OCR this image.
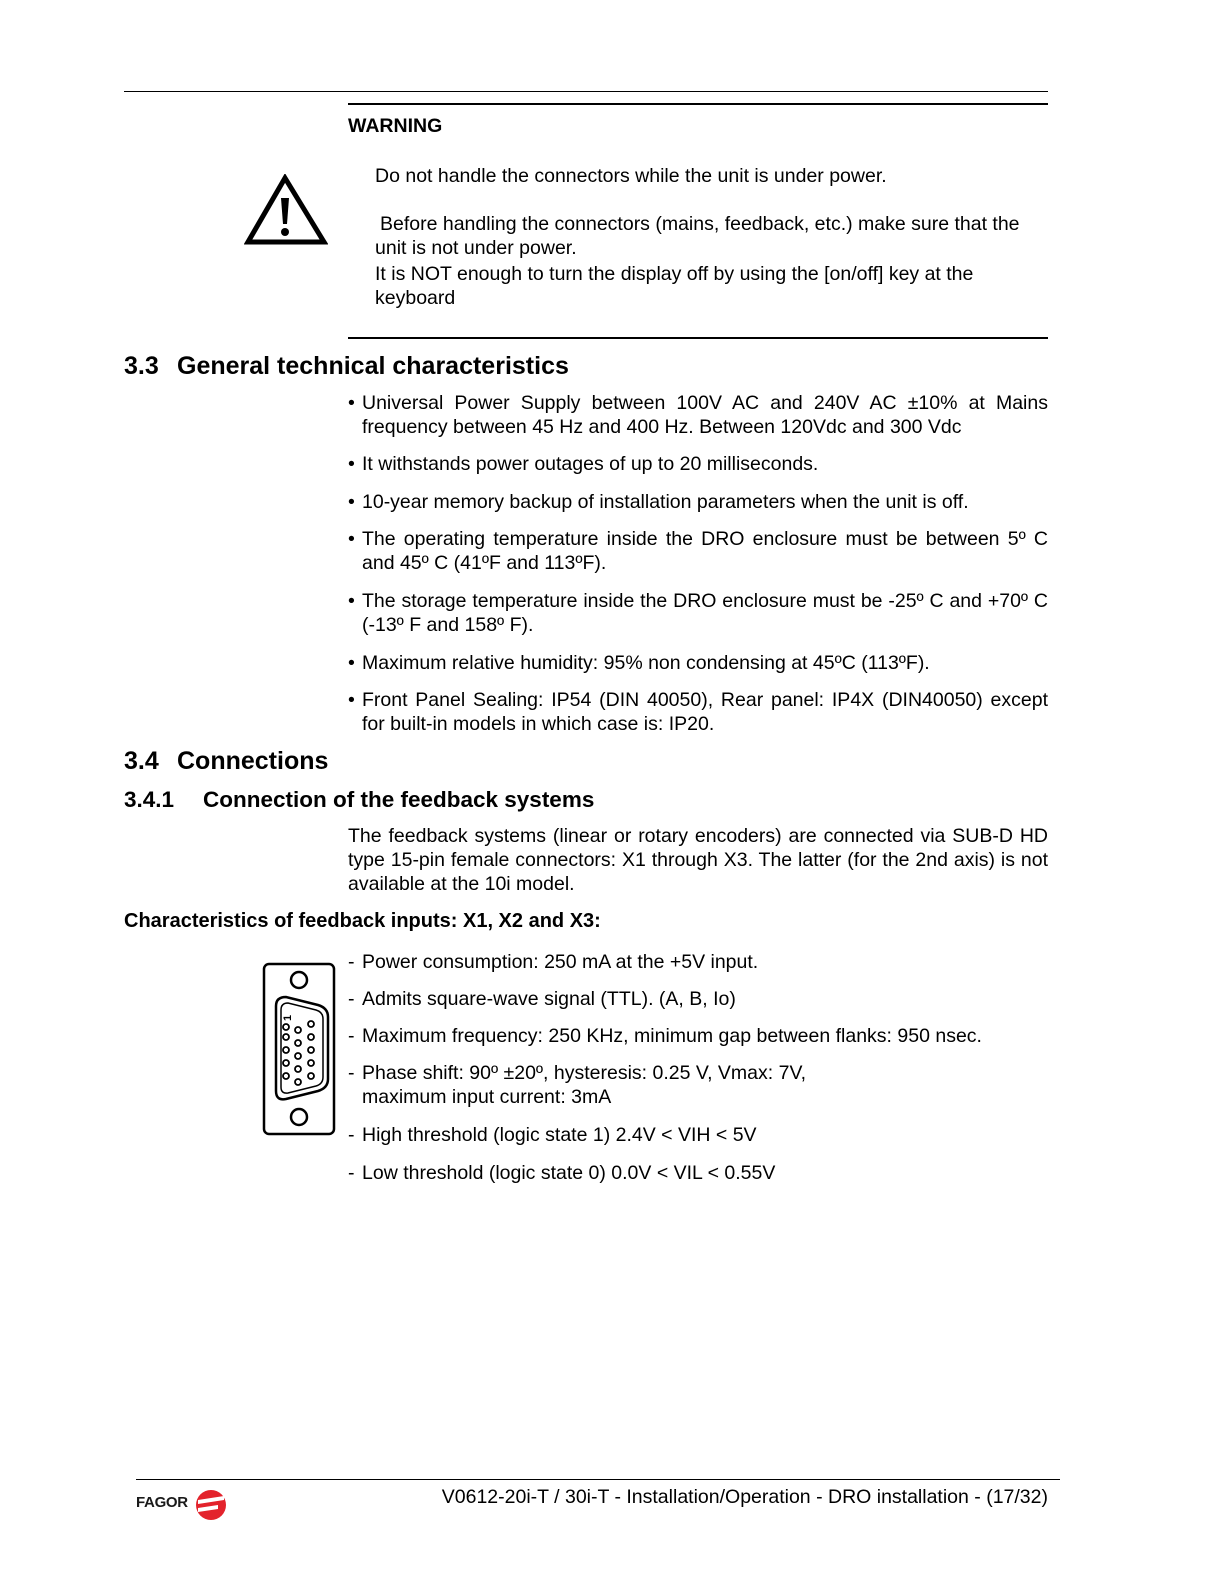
WARNING
Do not handle the connectors while the unit is under power.
Before handling the connectors (mains, feedback, etc.) make sure that the unit is not under power.
It is NOT enough to turn the display off by using the [on/off] key at the keyboard
3.3 General technical characteristics
• Universal Power Supply between 100V AC and 240V AC ±10% at Mains frequency between 45 Hz and 400 Hz. Between 120Vdc and 300 Vdc
• It withstands power outages of up to 20 milliseconds.
• 10-year memory backup of installation parameters when the unit is off.
• The operating temperature inside the DRO enclosure must be between 5º C and 45º C (41ºF and 113ºF).
• The storage temperature inside the DRO enclosure must be -25º C and +70º C (-13º F and 158º F).
• Maximum relative humidity: 95% non condensing at 45ºC (113ºF).
• Front Panel Sealing: IP54 (DIN 40050), Rear panel: IP4X (DIN40050) except for built-in models in which case is: IP20.
3.4 Connections
3.4.1 Connection of the feedback systems
The feedback systems (linear or rotary encoders) are connected via SUB-D HD type 15-pin female connectors: X1 through X3. The latter (for the 2nd axis) is not available at the 10i model.
Characteristics of feedback inputs: X1, X2 and X3:
1
- Power consumption: 250 mA at the +5V input.
- Admits square-wave signal (TTL). (A, B, Io)
- Maximum frequency: 250 KHz, minimum gap between flanks: 950 nsec.
- Phase shift: 90º ±20º, hysteresis: 0.25 V, Vmax: 7V,
maximum input current: 3mA
- High threshold (logic state 1) 2.4V < VIH < 5V
- Low threshold (logic state 0) 0.0V < VIL < 0.55V
FAGOR	V0612-20i-T / 30i-T - Installation/Operation - DRO installation - (17/32)
